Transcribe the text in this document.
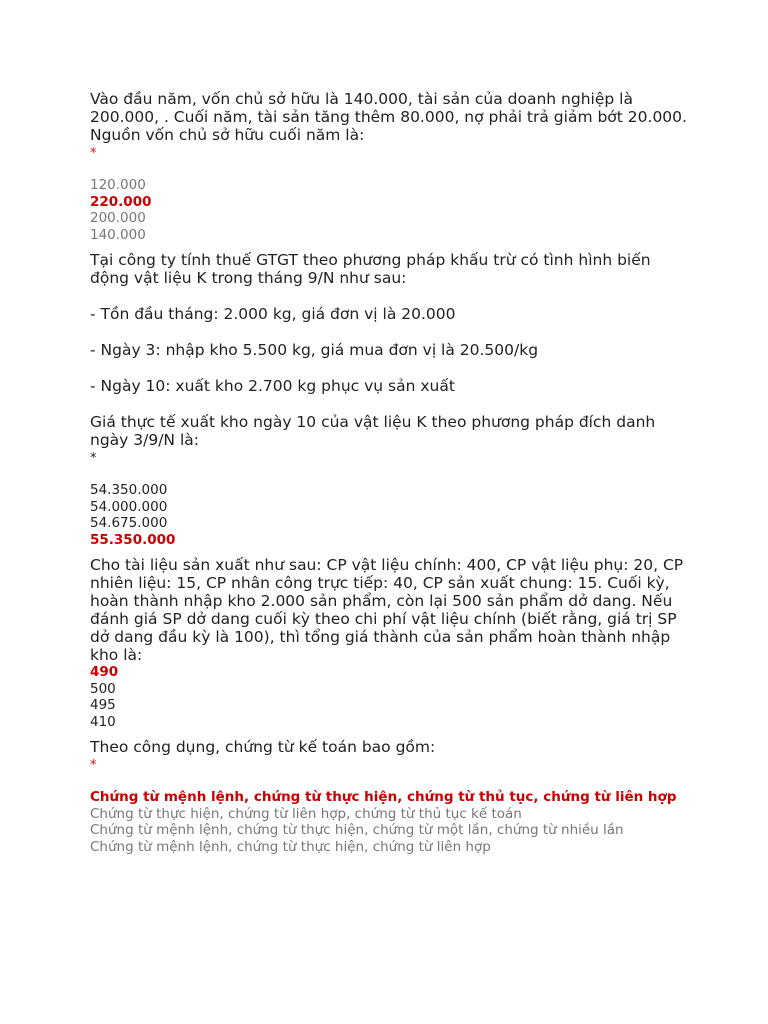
Vào đầu năm, vốn chủ sở hữu là 140.000, tài sản của doanh nghiệp là 200.000, . Cuối năm, tài sản tăng thêm 80.000, nợ phải trả giảm bớt 20.000. Nguồn vốn chủ sở hữu cuối năm là:

*
120.000
220.000
200.000
140.000

Tại công ty tính thuế GTGT theo phương pháp khấu trừ có tình hình biến động vật liệu K trong tháng 9/N như sau:

- Tồn đầu tháng: 2.000 kg, giá đơn vị là 20.000

- Ngày 3: nhập kho 5.500 kg, giá mua đơn vị là 20.500/kg

- Ngày 10: xuất kho 2.700 kg phục vụ sản xuất

Giá thực tế xuất kho ngày 10 của vật liệu K theo phương pháp đích danh ngày 3/9/N là:

*
54.350.000
54.000.000
54.675.000
55.350.000

Cho tài liệu sản xuất như sau: CP vật liệu chính: 400, CP vật liệu phụ: 20, CP nhiên liệu: 15, CP nhân công trực tiếp: 40, CP sản xuất chung: 15. Cuối kỳ, hoàn thành nhập kho 2.000 sản phẩm, còn lại 500 sản phẩm dở dang. Nếu đánh giá SP dở dang cuối kỳ theo chi phí vật liệu chính (biết rằng, giá trị SP dở dang đầu kỳ là 100), thì tổng giá thành của sản phẩm hoàn thành nhập kho là:

490
500
495
410

Theo công dụng, chứng từ kế toán bao gồm:

*
Chứng từ mệnh lệnh, chứng từ thực hiện, chứng từ thủ tục, chứng từ liên hợp
Chứng từ thực hiện, chứng từ liên hợp, chứng từ thủ tục kế toán
Chứng từ mệnh lệnh, chứng từ thực hiện, chứng từ một lần, chứng từ nhiều lần
Chứng từ mệnh lệnh, chứng từ thực hiện, chứng từ liên hợp
